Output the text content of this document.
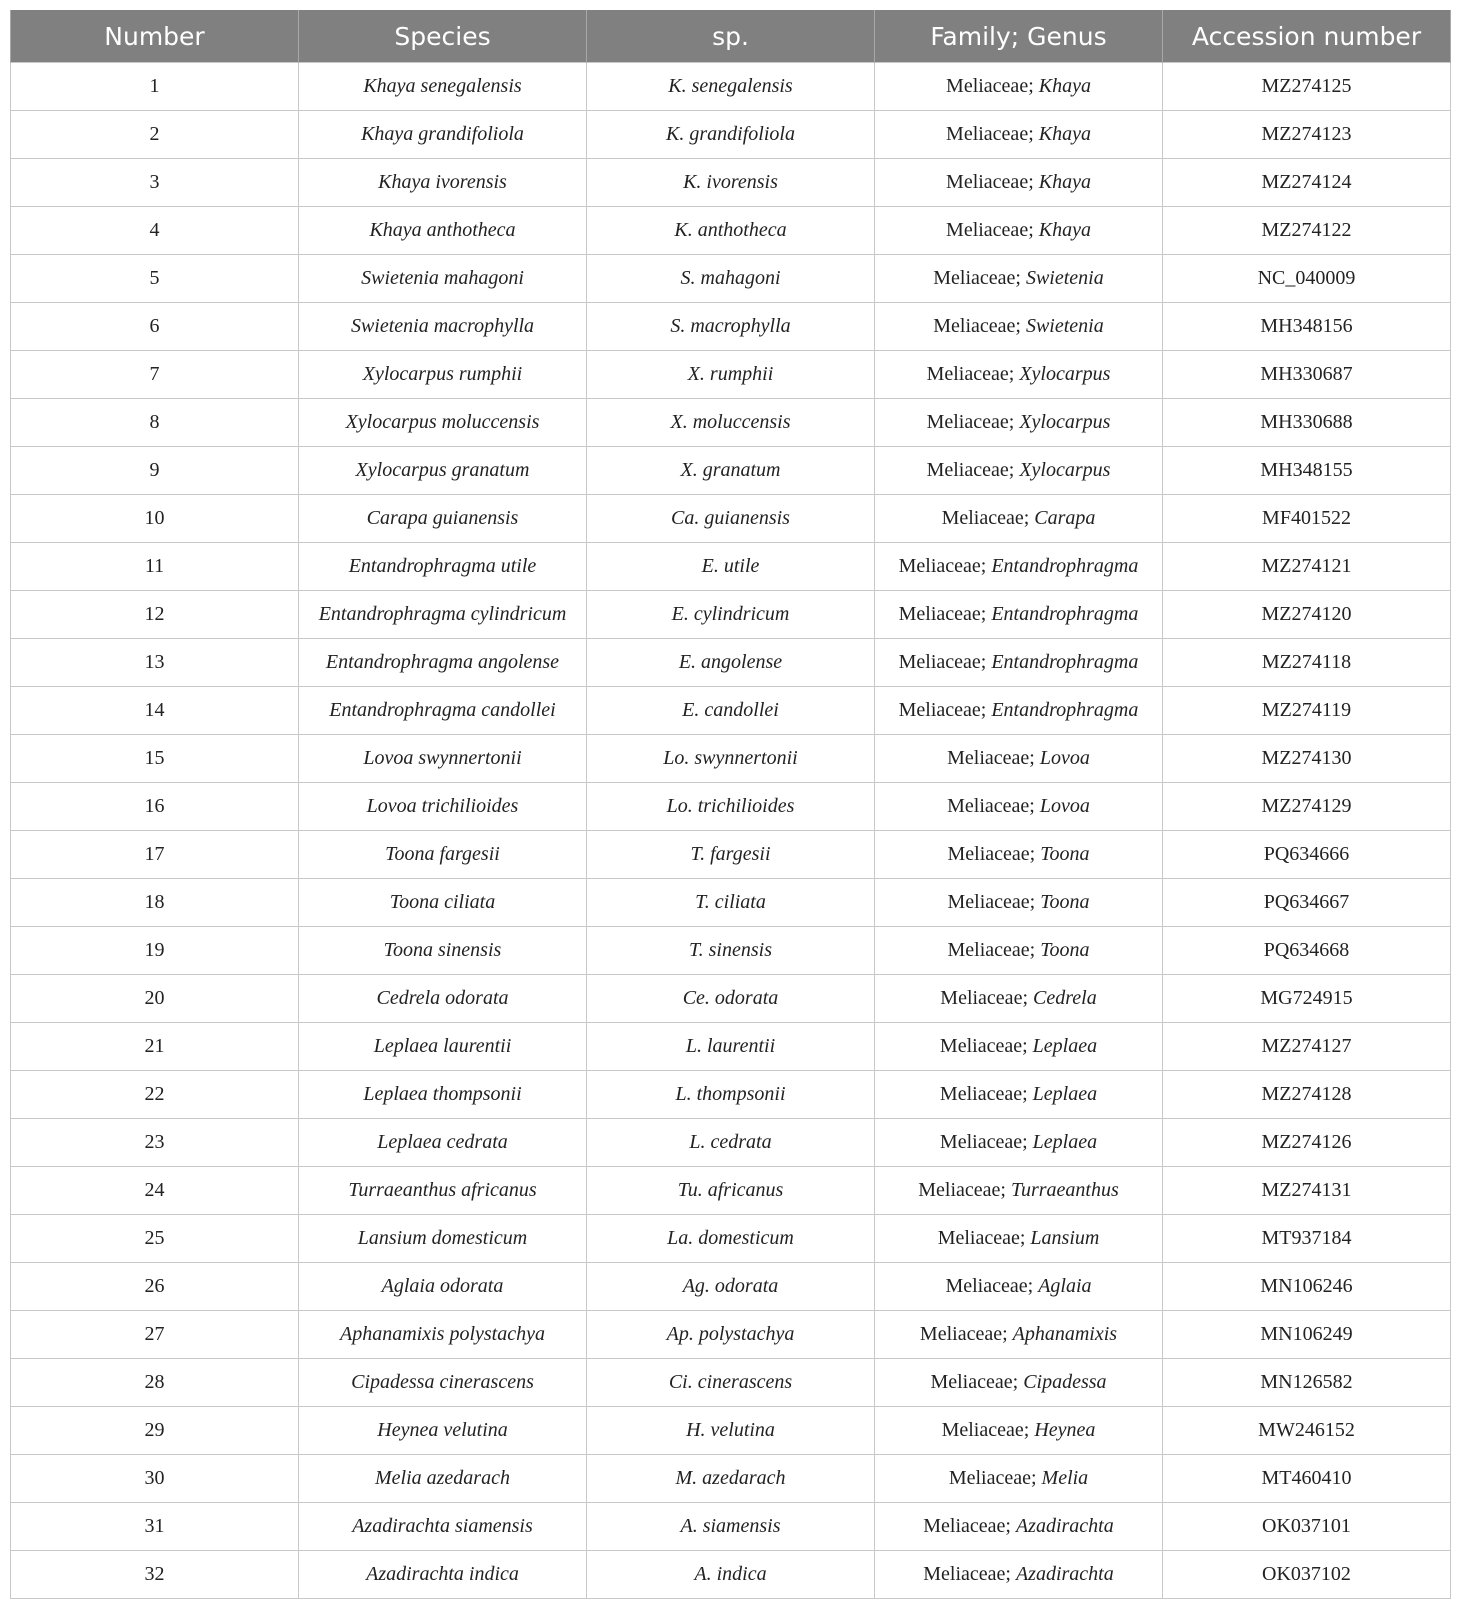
Number	Species	sp.	Family; Genus	Accession number
1	Khaya senegalensis	K. senegalensis	Meliaceae; Khaya	MZ274125
2	Khaya grandifoliola	K. grandifoliola	Meliaceae; Khaya	MZ274123
3	Khaya ivorensis	K. ivorensis	Meliaceae; Khaya	MZ274124
4	Khaya anthotheca	K. anthotheca	Meliaceae; Khaya	MZ274122
5	Swietenia mahagoni	S. mahagoni	Meliaceae; Swietenia	NC_040009
6	Swietenia macrophylla	S. macrophylla	Meliaceae; Swietenia	MH348156
7	Xylocarpus rumphii	X. rumphii	Meliaceae; Xylocarpus	MH330687
8	Xylocarpus moluccensis	X. moluccensis	Meliaceae; Xylocarpus	MH330688
9	Xylocarpus granatum	X. granatum	Meliaceae; Xylocarpus	MH348155
10	Carapa guianensis	Ca. guianensis	Meliaceae; Carapa	MF401522
11	Entandrophragma utile	E. utile	Meliaceae; Entandrophragma	MZ274121
12	Entandrophragma cylindricum	E. cylindricum	Meliaceae; Entandrophragma	MZ274120
13	Entandrophragma angolense	E. angolense	Meliaceae; Entandrophragma	MZ274118
14	Entandrophragma candollei	E. candollei	Meliaceae; Entandrophragma	MZ274119
15	Lovoa swynnertonii	Lo. swynnertonii	Meliaceae; Lovoa	MZ274130
16	Lovoa trichilioides	Lo. trichilioides	Meliaceae; Lovoa	MZ274129
17	Toona fargesii	T. fargesii	Meliaceae; Toona	PQ634666
18	Toona ciliata	T. ciliata	Meliaceae; Toona	PQ634667
19	Toona sinensis	T. sinensis	Meliaceae; Toona	PQ634668
20	Cedrela odorata	Ce. odorata	Meliaceae; Cedrela	MG724915
21	Leplaea laurentii	L. laurentii	Meliaceae; Leplaea	MZ274127
22	Leplaea thompsonii	L. thompsonii	Meliaceae; Leplaea	MZ274128
23	Leplaea cedrata	L. cedrata	Meliaceae; Leplaea	MZ274126
24	Turraeanthus africanus	Tu. africanus	Meliaceae; Turraeanthus	MZ274131
25	Lansium domesticum	La. domesticum	Meliaceae; Lansium	MT937184
26	Aglaia odorata	Ag. odorata	Meliaceae; Aglaia	MN106246
27	Aphanamixis polystachya	Ap. polystachya	Meliaceae; Aphanamixis	MN106249
28	Cipadessa cinerascens	Ci. cinerascens	Meliaceae; Cipadessa	MN126582
29	Heynea velutina	H. velutina	Meliaceae; Heynea	MW246152
30	Melia azedarach	M. azedarach	Meliaceae; Melia	MT460410
31	Azadirachta siamensis	A. siamensis	Meliaceae; Azadirachta	OK037101
32	Azadirachta indica	A. indica	Meliaceae; Azadirachta	OK037102
